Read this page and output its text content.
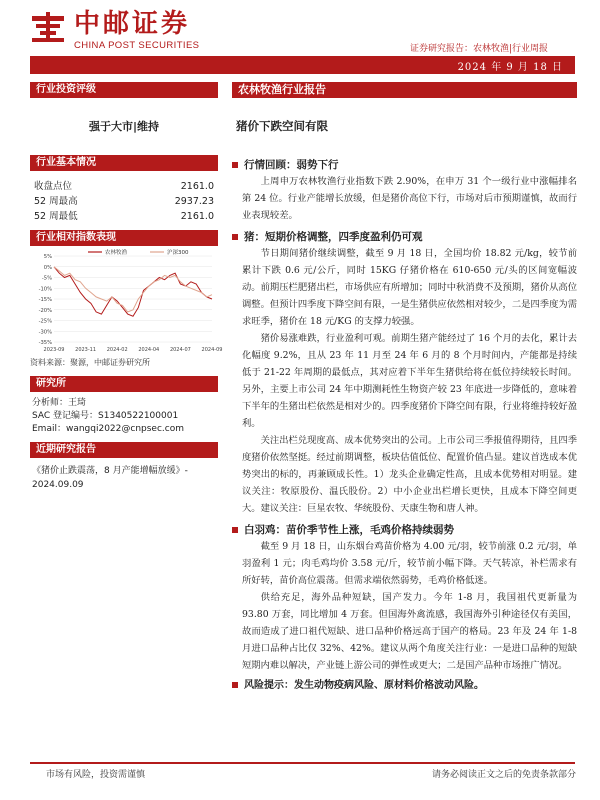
中邮证券
CHINA POST SECURITIES	证券研究报告：农林牧渔|行业周报
2024 年 9 月 18 日
行业投资评级
强于大市|维持
行业基本情况
收盘点位	2161.0
52 周最高	2937.23
52 周最低	2161.0
行业相对指数表现
5%
0%
-5%
-10%
-15%
-20%
-25%
-30%
-35%
2023-09 2023-11 2024-02 2024-04 2024-07 2024-09
农林牧渔	沪深300
资料来源：聚源，中邮证券研究所
研究所
分析师：王琦
SAC 登记编号：S1340522100001
Email：wangqi2022@cnpsec.com
近期研究报告
《猪价止跌震荡，8 月产能增幅放缓》- 2024.09.09
农林牧渔行业报告
猪价下跌空间有限
行情回顾：弱势下行

上周申万农林牧渔行业指数下跌 2.90%，在申万 31 个一级行业中涨幅排名第 24 位。行业产能增长放缓，但是猪价高位下行，市场对后市预期谨慎，故而行业表现较差。

猪：短期价格调整，四季度盈利仍可观

节日期间猪价继续调整，截至 9 月 18 日，全国均价 18.82 元/kg，较节前累计下跌 0.6 元/公斤，同时 15KG 仔猪价格在 610-650 元/头的区间宽幅波动。前期压栏肥猪出栏，市场供应有所增加；同时中秋消费不及预期，猪价从高位调整。但预计四季度下降空间有限，一是生猪供应依然相对较少，二是四季度为需求旺季，猪价在 18 元/KG 的支撑力较强。

猪价易涨难跌，行业盈利可观。前期生猪产能经过了 16 个月的去化，累计去化幅度 9.2%，且从 23 年 11 月至 24 年 6 月的 8 个月时间内，产能都是持续低于 21-22 年周期的最低点，其对应着下半年生猪供给将在低位持续较长时间。另外，主要上市公司 24 年中期测耗性生物资产较 23 年底进一步降低的，意味着下半年的生猪出栏依然是相对少的。四季度猪价下降空间有限，行业将维持较好盈利。

关注出栏兑现度高、成本优势突出的公司。上市公司三季报值得期待，且四季度猪价依然坚挺。经过前期调整，板块估值低位、配置价值凸显。建议首选成本优势突出的标的，再兼顾成长性。1）龙头企业确定性高，且成本优势相对明显。建议关注：牧原股份、温氏股份。2）中小企业出栏增长更快，且成本下降空间更大。建议关注：巨星农牧、华统股份、天康生物和唐人神。

白羽鸡：苗价季节性上涨，毛鸡价格持续弱势

截至 9 月 18 日，山东烟台鸡苗价格为 4.00 元/羽，较节前涨 0.2 元/羽，单羽盈利 1 元；肉毛鸡均价 3.58 元/斤，较节前小幅下降。天气转凉，补栏需求有所好转，苗价高位震荡。但需求端依然弱势，毛鸡价格低迷。

供给充足，海外品种短缺，国产发力。今年 1-8 月，我国祖代更新量为 93.80 万套，同比增加 4 万套。但国海外禽流感，我国海外引种途径仅有美国，故而造成了进口祖代短缺、进口品种价格远高于国产的格局。23 年及 24 年 1-8 月进口品种占比仅 32%、42%。建议从两个角度关注行业：一是进口品种的短缺短期内难以解决，产业链上游公司的弹性或更大；二是国产品种市场推广情况。

风险提示：发生动物疫病风险、原材料价格波动风险。
市场有风险，投资需谨慎	请务必阅读正文之后的免责条款部分
